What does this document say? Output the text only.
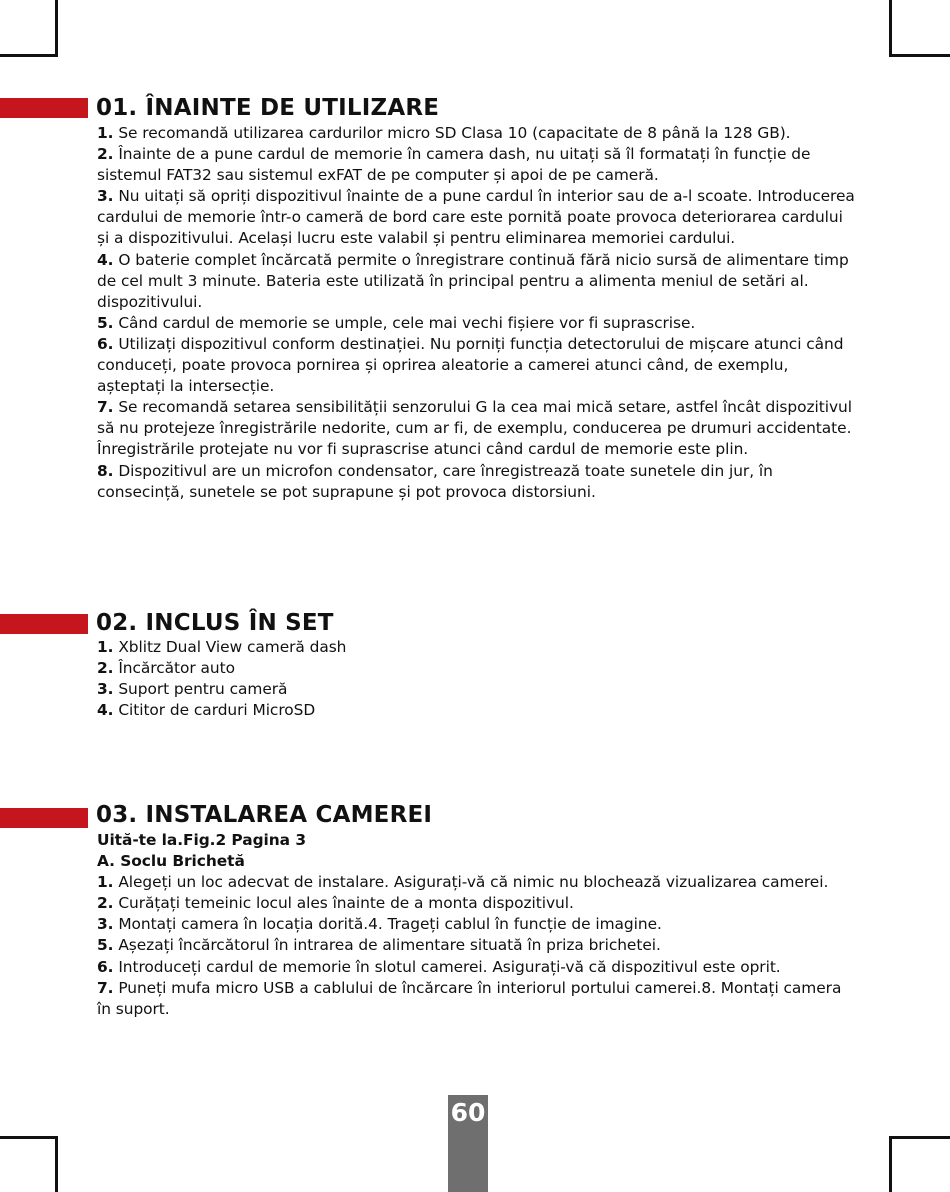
01. ÎNAINTE DE UTILIZARE

1. Se recomandă utilizarea cardurilor micro SD Clasa 10 (capacitate de 8 până la 128 GB).

2. Înainte de a pune cardul de memorie în camera dash, nu uitați să îl formatați în funcție de sistemul FAT32 sau sistemul exFAT de pe computer și apoi de pe cameră.

3. Nu uitați să opriți dispozitivul înainte de a pune cardul în interior sau de a-l scoate. Introducerea cardului de memorie într-o cameră de bord care este pornită poate provoca deteriorarea cardului și a dispozitivului. Același lucru este valabil și pentru eliminarea memoriei cardului.

4. O baterie complet încărcată permite o înregistrare continuă fără nicio sursă de alimentare timp de cel mult 3 minute. Bateria este utilizată în principal pentru a alimenta meniul de setări al. dispozitivului.

5. Când cardul de memorie se umple, cele mai vechi fișiere vor fi suprascrise.

6. Utilizați dispozitivul conform destinației. Nu porniți funcția detectorului de mișcare atunci când conduceți, poate provoca pornirea și oprirea aleatorie a camerei atunci când, de exemplu, așteptați la intersecție.

7. Se recomandă setarea sensibilității senzorului G la cea mai mică setare, astfel încât dispozitivul să nu protejeze înregistrările nedorite, cum ar fi, de exemplu, conducerea pe drumuri accidentate. Înregistrările protejate nu vor fi suprascrise atunci când cardul de memorie este plin.

8. Dispozitivul are un microfon condensator, care înregistrează toate sunetele din jur, în consecință, sunetele se pot suprapune și pot provoca distorsiuni.

02. INCLUS ÎN SET

1. Xblitz Dual View cameră dash

2. Încărcător auto

3. Suport pentru cameră

4. Cititor de carduri MicroSD

03. INSTALAREA CAMEREI

Uită-te la.Fig.2 Pagina 3

A. Soclu Brichetă

1. Alegeți un loc adecvat de instalare. Asigurați-vă că nimic nu blochează vizualizarea camerei.

2. Curățați temeinic locul ales înainte de a monta dispozitivul.

3. Montați camera în locația dorită.4. Trageți cablul în funcție de imagine.

5. Așezați încărcătorul în intrarea de alimentare situată în priza brichetei.

6. Introduceți cardul de memorie în slotul camerei. Asigurați-vă că dispozitivul este oprit.

7. Puneți mufa micro USB a cablului de încărcare în interiorul portului camerei.8. Montați camera în suport.

60
